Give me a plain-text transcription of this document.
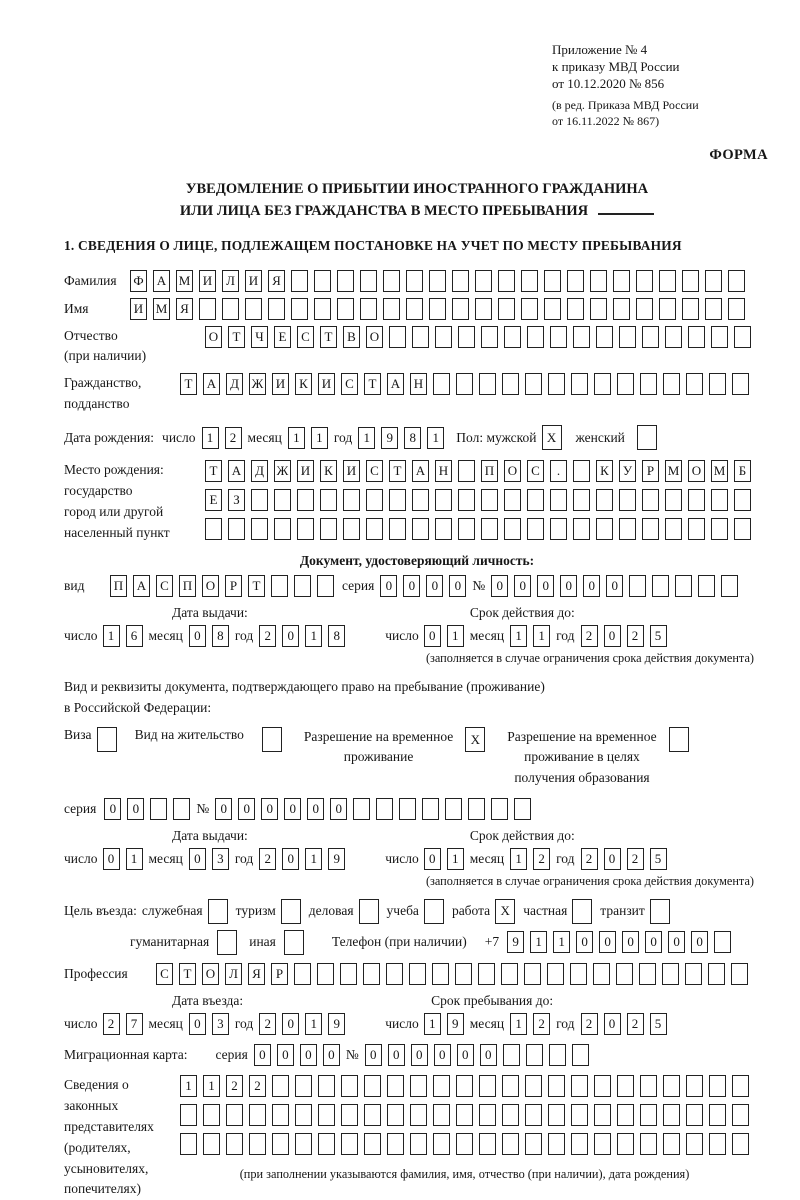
Приложение № 4
к приказу МВД России
от 10.12.2020 № 856
(в ред. Приказа МВД России
от 16.11.2022 № 867)
ФОРМА
УВЕДОМЛЕНИЕ О ПРИБЫТИИ ИНОСТРАННОГО ГРАЖДАНИНА
ИЛИ ЛИЦА БЕЗ ГРАЖДАНСТВА В МЕСТО ПРЕБЫВАНИЯ
1. СВЕДЕНИЯ О ЛИЦЕ, ПОДЛЕЖАЩЕМ ПОСТАНОВКЕ НА УЧЕТ ПО МЕСТУ ПРЕБЫВАНИЯ
Фамилия	Ф А М И	Л	И	Я
Имя	И М Я
Отчество
(при наличии)
О	Т	Ч	Е	С	Т	В	О
Гражданство,
подданство
Т	А	Д Ж И	К	И	С	Т	А Н
Дата рождения: число 1	2 месяц 1	1 год 1	9	8	1	Пол: мужской X	женский
Место рождения:
государство
город или другой
населенный пункт
Т	А	Д Ж И	К	И	С	Т	А Н	П О	С	.	К	У	Р	М О М	Б
Е	З
Документ, удостоверяющий личность:
вид	П А	С	П О	Р	Т	серия 0	0	0	0 № 0	0	0	0	0	0
Дата выдачи:	Срок действия до:
число 1	6 месяц 0	8 год 2	0	1	8	число 0	1 месяц 1	1 год 2	0	2	5
(заполняется в случае ограничения срока действия документа)
Вид и реквизиты документа, подтверждающего право на пребывание (проживание)
в Российской Федерации:
Виза	Вид на жительство	Разрешение на временное
проживание
X	Разрешение на временное
проживание в целях
получения образования
серия	0	0	№ 0	0	0	0	0	0
Дата выдачи:	Срок действия до:
число 0	1 месяц 0	3 год 2	0	1	9	число 0	1 месяц 1	2 год 2	0	2	5
(заполняется в случае ограничения срока действия документа)
Цель въезда: служебная туризм деловая учеба работа X частная транзит
гуманитарная	иная	Телефон (при наличии) +7	9	1	1	0	0	0	0	0	0
Профессия	С	Т	О	Л	Я	Р
Дата въезда:	Срок пребывания до:
число 2	7 месяц 0	3 год 2	0	1	9	число 1	9 месяц 1	2 год 2	0	2	5
Миграционная карта: серия 0	0	0	0 № 0	0	0	0	0	0
Сведения о
законных
представителях
(родителях,
усыновителях,
попечителях)
1	1	2	2
(при заполнении указываются фамилия, имя, отчество (при наличии), дата рождения)
